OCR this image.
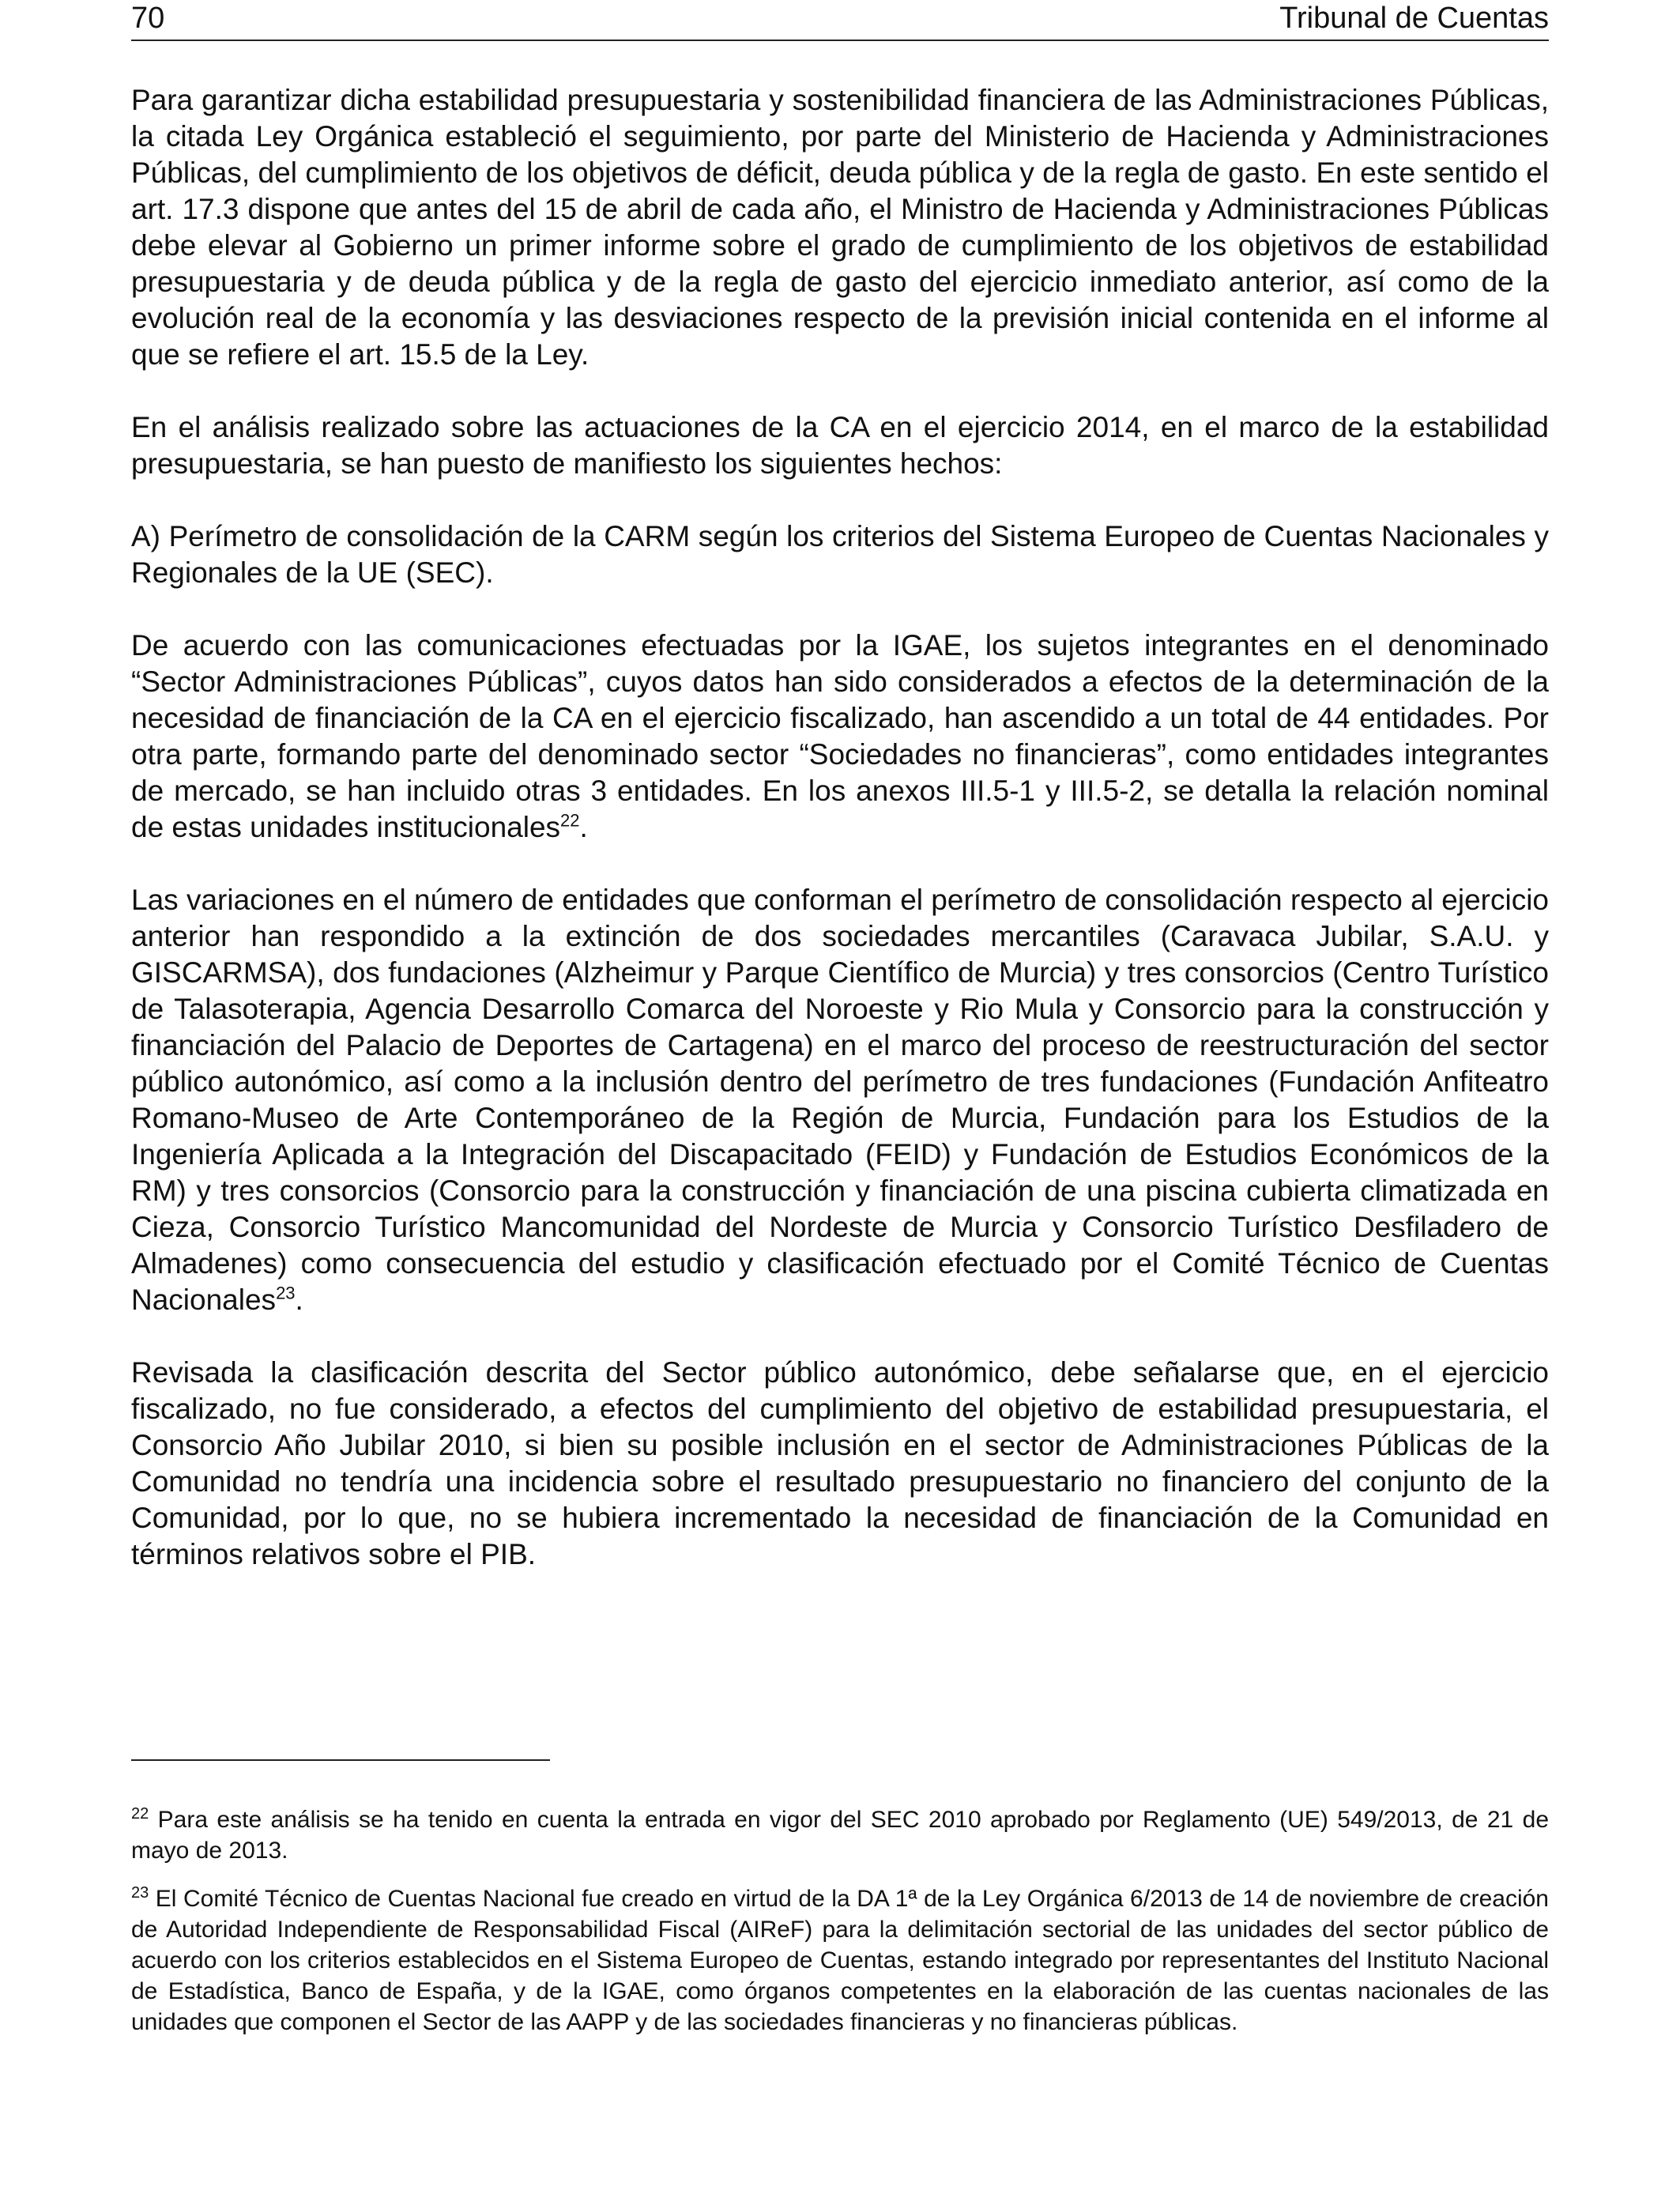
70	Tribunal de Cuentas

Para garantizar dicha estabilidad presupuestaria y sostenibilidad financiera de las Administraciones Públicas, la citada Ley Orgánica estableció el seguimiento, por parte del Ministerio de Hacienda y Administraciones Públicas, del cumplimiento de los objetivos de déficit, deuda pública y de la regla de gasto. En este sentido el art. 17.3 dispone que antes del 15 de abril de cada año, el Ministro de Hacienda y Administraciones Públicas debe elevar al Gobierno un primer informe sobre el grado de cumplimiento de los objetivos de estabilidad presupuestaria y de deuda pública y de la regla de gasto del ejercicio inmediato anterior, así como de la evolución real de la economía y las desviaciones respecto de la previsión inicial contenida en el informe al que se refiere el art. 15.5 de la Ley.

En el análisis realizado sobre las actuaciones de la CA en el ejercicio 2014, en el marco de la estabilidad presupuestaria, se han puesto de manifiesto los siguientes hechos:

A) Perímetro de consolidación de la CARM según los criterios del Sistema Europeo de Cuentas Nacionales y Regionales de la UE (SEC).

De acuerdo con las comunicaciones efectuadas por la IGAE, los sujetos integrantes en el denominado “Sector Administraciones Públicas”, cuyos datos han sido considerados a efectos de la determinación de la necesidad de financiación de la CA en el ejercicio fiscalizado, han ascendido a un total de 44 entidades. Por otra parte, formando parte del denominado sector “Sociedades no financieras”, como entidades integrantes de mercado, se han incluido otras 3 entidades. En los anexos III.5-1 y III.5-2, se detalla la relación nominal de estas unidades institucionales$^{22}$.

Las variaciones en el número de entidades que conforman el perímetro de consolidación respecto al ejercicio anterior han respondido a la extinción de dos sociedades mercantiles (Caravaca Jubilar, S.A.U. y GISCARMSA), dos fundaciones (Alzheimur y Parque Científico de Murcia) y tres consorcios (Centro Turístico de Talasoterapia, Agencia Desarrollo Comarca del Noroeste y Rio Mula y Consorcio para la construcción y financiación del Palacio de Deportes de Cartagena) en el marco del proceso de reestructuración del sector público autonómico, así como a la inclusión dentro del perímetro de tres fundaciones (Fundación Anfiteatro Romano-Museo de Arte Contemporáneo de la Región de Murcia, Fundación para los Estudios de la Ingeniería Aplicada a la Integración del Discapacitado (FEID) y Fundación de Estudios Económicos de la RM) y tres consorcios (Consorcio para la construcción y financiación de una piscina cubierta climatizada en Cieza, Consorcio Turístico Mancomunidad del Nordeste de Murcia y Consorcio Turístico Desfiladero de Almadenes) como consecuencia del estudio y clasificación efectuado por el Comité Técnico de Cuentas Nacionales$^{23}$.

Revisada la clasificación descrita del Sector público autonómico, debe señalarse que, en el ejercicio fiscalizado, no fue considerado, a efectos del cumplimiento del objetivo de estabilidad presupuestaria, el Consorcio Año Jubilar 2010, si bien su posible inclusión en el sector de Administraciones Públicas de la Comunidad no tendría una incidencia sobre el resultado presupuestario no financiero del conjunto de la Comunidad, por lo que, no se hubiera incrementado la necesidad de financiación de la Comunidad en términos relativos sobre el PIB.

$^{22}$ Para este análisis se ha tenido en cuenta la entrada en vigor del SEC 2010 aprobado por Reglamento (UE) 549/2013, de 21 de mayo de 2013.

$^{23}$ El Comité Técnico de Cuentas Nacional fue creado en virtud de la DA 1ª de la Ley Orgánica 6/2013 de 14 de noviembre de creación de Autoridad Independiente de Responsabilidad Fiscal (AIReF) para la delimitación sectorial de las unidades del sector público de acuerdo con los criterios establecidos en el Sistema Europeo de Cuentas, estando integrado por representantes del Instituto Nacional de Estadística, Banco de España, y de la IGAE, como órganos competentes en la elaboración de las cuentas nacionales de las unidades que componen el Sector de las AAPP y de las sociedades financieras y no financieras públicas.
